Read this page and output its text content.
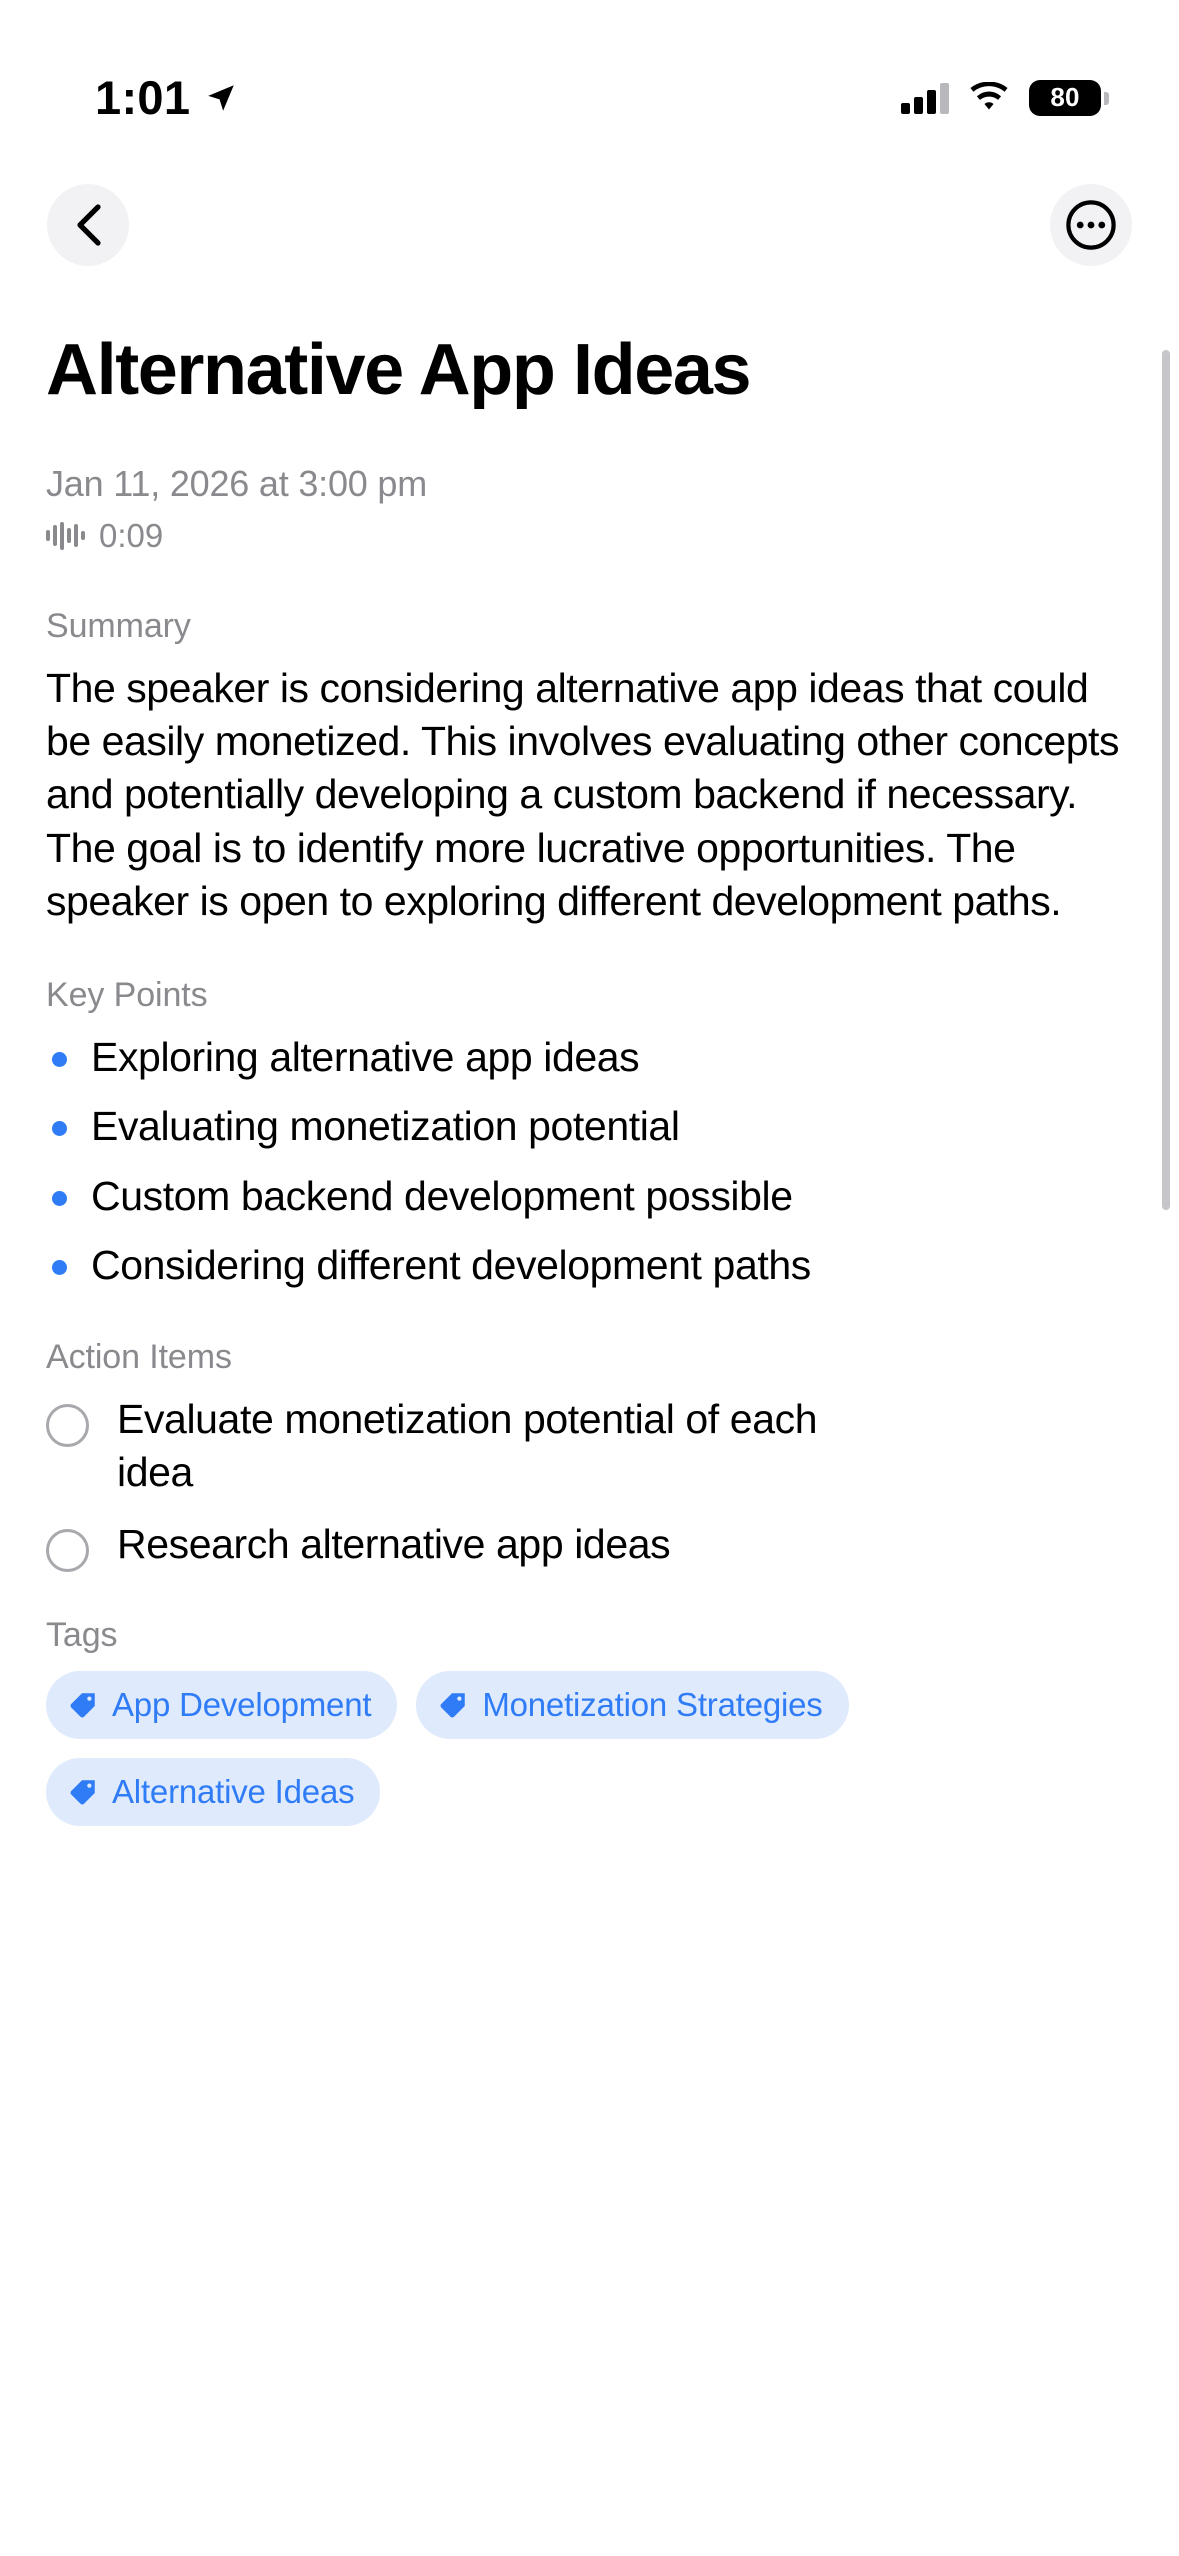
1:01	80
Alternative App Ideas
Jan 11, 2026 at 3:00 pm
0:09
Summary

The speaker is considering alternative app ideas that could be easily monetized. This involves evaluating other concepts and potentially developing a custom backend if necessary. The goal is to identify more lucrative opportunities. The speaker is open to exploring different development paths.

Key Points
Exploring alternative app ideas
Evaluating monetization potential
Custom backend development possible
Considering different development paths
Action Items
Evaluate monetization potential of each idea
Research alternative app ideas
Tags
App Development	Monetization Strategies
Alternative Ideas
